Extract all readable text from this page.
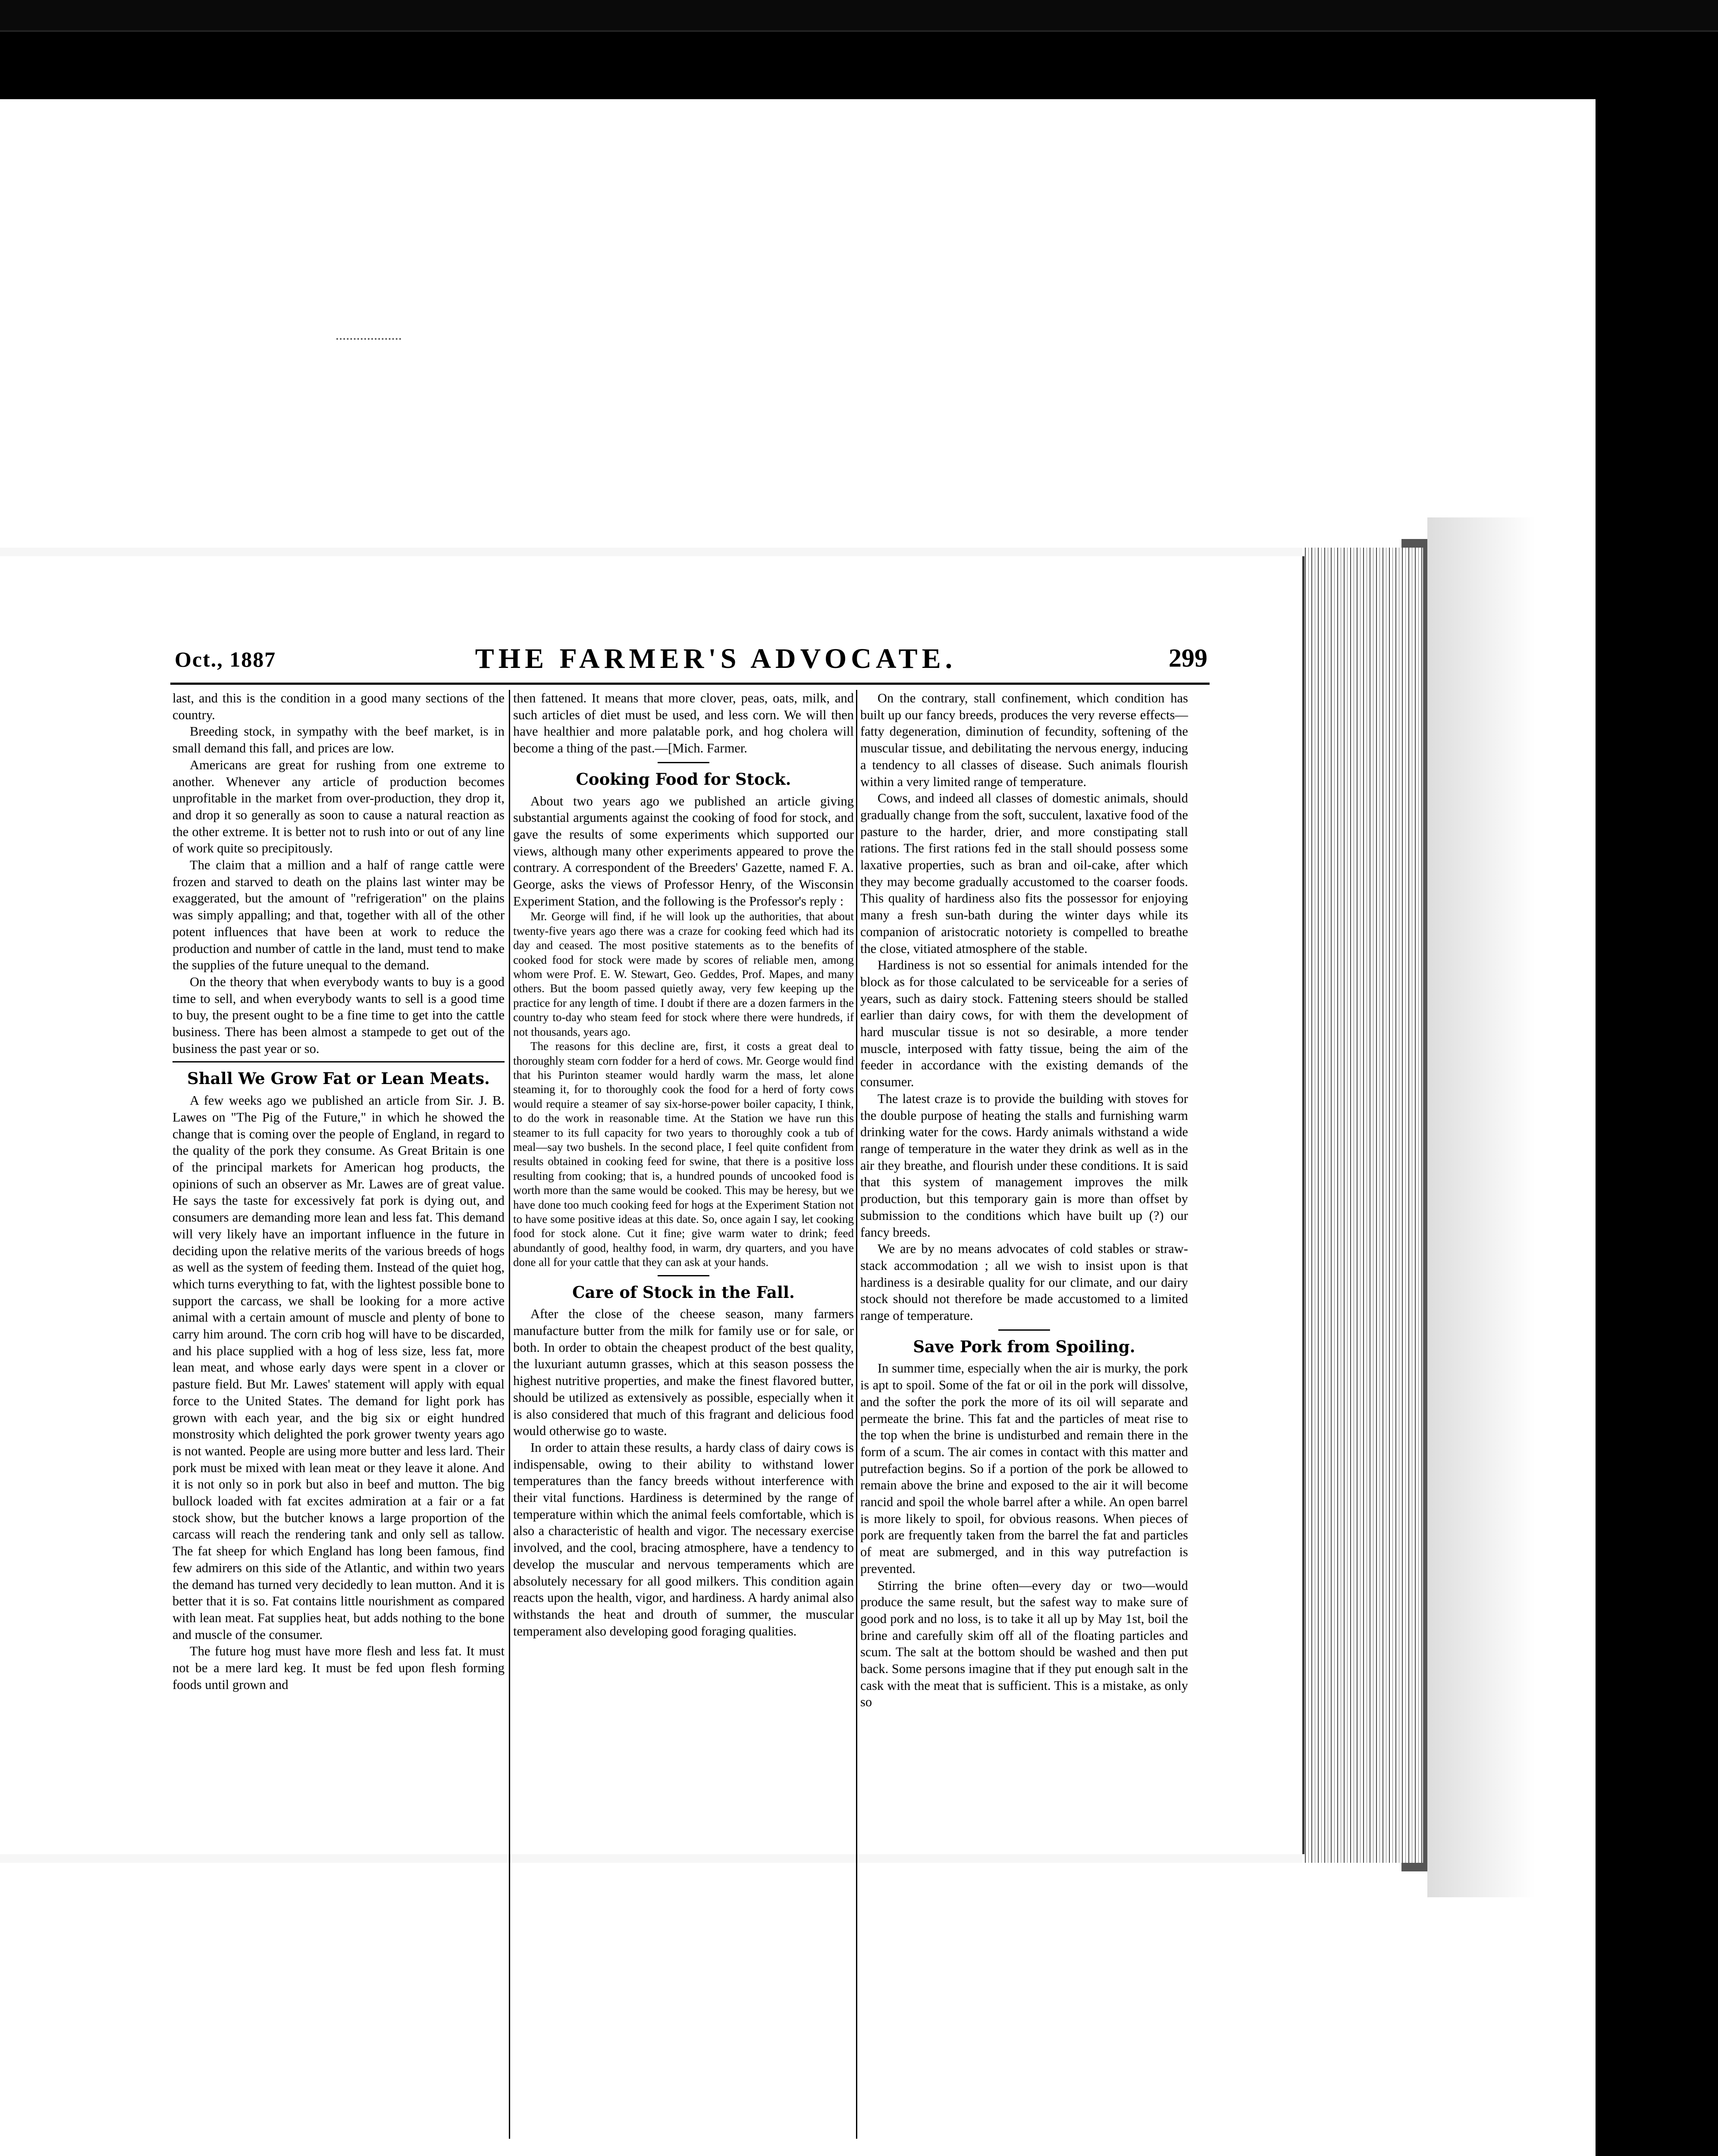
Oct., 1887	THE FARMER'S ADVOCATE.	299

last, and this is the condition in a good many sections of the country.

Breeding stock, in sympathy with the beef market, is in small demand this fall, and prices are low.

Americans are great for rushing from one extreme to another. Whenever any article of production becomes unprofitable in the market from over-production, they drop it, and drop it so generally as soon to cause a natural reaction as the other extreme. It is better not to rush into or out of any line of work quite so precipitously.

The claim that a million and a half of range cattle were frozen and starved to death on the plains last winter may be exaggerated, but the amount of "refrigeration" on the plains was simply appalling; and that, together with all of the other potent influences that have been at work to reduce the production and number of cattle in the land, must tend to make the supplies of the future unequal to the demand.

On the theory that when everybody wants to buy is a good time to sell, and when everybody wants to sell is a good time to buy, the present ought to be a fine time to get into the cattle business. There has been almost a stampede to get out of the business the past year or so.

Shall We Grow Fat or Lean Meats.

A few weeks ago we published an article from Sir. J. B. Lawes on "The Pig of the Future," in which he showed the change that is coming over the people of England, in regard to the quality of the pork they consume. As Great Britain is one of the principal markets for American hog products, the opinions of such an observer as Mr. Lawes are of great value. He says the taste for excessively fat pork is dying out, and consumers are demanding more lean and less fat. This demand will very likely have an important influence in the future in deciding upon the relative merits of the various breeds of hogs as well as the system of feeding them. Instead of the quiet hog, which turns everything to fat, with the lightest possible bone to support the carcass, we shall be looking for a more active animal with a certain amount of muscle and plenty of bone to carry him around. The corn crib hog will have to be discarded, and his place supplied with a hog of less size, less fat, more lean meat, and whose early days were spent in a clover or pasture field. But Mr. Lawes' statement will apply with equal force to the United States. The demand for light pork has grown with each year, and the big six or eight hundred monstrosity which delighted the pork grower twenty years ago is not wanted. People are using more butter and less lard. Their pork must be mixed with lean meat or they leave it alone. And it is not only so in pork but also in beef and mutton. The big bullock loaded with fat excites admiration at a fair or a fat stock show, but the butcher knows a large proportion of the carcass will reach the rendering tank and only sell as tallow. The fat sheep for which England has long been famous, find few admirers on this side of the Atlantic, and within two years the demand has turned very decidedly to lean mutton. And it is better that it is so. Fat contains little nourishment as compared with lean meat. Fat supplies heat, but adds nothing to the bone and muscle of the consumer.

The future hog must have more flesh and less fat. It must not be a mere lard keg. It must be fed upon flesh forming foods until grown and

then fattened. It means that more clover, peas, oats, milk, and such articles of diet must be used, and less corn. We will then have healthier and more palatable pork, and hog cholera will become a thing of the past.—[Mich. Farmer.

Cooking Food for Stock.

About two years ago we published an article giving substantial arguments against the cooking of food for stock, and gave the results of some experiments which supported our views, although many other experiments appeared to prove the contrary. A correspondent of the Breeders' Gazette, named F. A. George, asks the views of Professor Henry, of the Wisconsin Experiment Station, and the following is the Professor's reply :

Mr. George will find, if he will look up the authorities, that about twenty-five years ago there was a craze for cooking feed which had its day and ceased. The most positive statements as to the benefits of cooked food for stock were made by scores of reliable men, among whom were Prof. E. W. Stewart, Geo. Geddes, Prof. Mapes, and many others. But the boom passed quietly away, very few keeping up the practice for any length of time. I doubt if there are a dozen farmers in the country to-day who steam feed for stock where there were hundreds, if not thousands, years ago.

The reasons for this decline are, first, it costs a great deal to thoroughly steam corn fodder for a herd of cows. Mr. George would find that his Purinton steamer would hardly warm the mass, let alone steaming it, for to thoroughly cook the food for a herd of forty cows would require a steamer of say six-horse-power boiler capacity, I think, to do the work in reasonable time. At the Station we have run this steamer to its full capacity for two years to thoroughly cook a tub of meal—say two bushels. In the second place, I feel quite confident from results obtained in cooking feed for swine, that there is a positive loss resulting from cooking; that is, a hundred pounds of uncooked food is worth more than the same would be cooked. This may be heresy, but we have done too much cooking feed for hogs at the Experiment Station not to have some positive ideas at this date. So, once again I say, let cooking food for stock alone. Cut it fine; give warm water to drink; feed abundantly of good, healthy food, in warm, dry quarters, and you have done all for your cattle that they can ask at your hands.

Care of Stock in the Fall.

After the close of the cheese season, many farmers manufacture butter from the milk for family use or for sale, or both. In order to obtain the cheapest product of the best quality, the luxuriant autumn grasses, which at this season possess the highest nutritive properties, and make the finest flavored butter, should be utilized as extensively as possible, especially when it is also considered that much of this fragrant and delicious food would otherwise go to waste.

In order to attain these results, a hardy class of dairy cows is indispensable, owing to their ability to withstand lower temperatures than the fancy breeds without interference with their vital functions. Hardiness is determined by the range of temperature within which the animal feels comfortable, which is also a characteristic of health and vigor. The necessary exercise involved, and the cool, bracing atmosphere, have a tendency to develop the muscular and nervous temperaments which are absolutely necessary for all good milkers. This condition again reacts upon the health, vigor, and hardiness. A hardy animal also withstands the heat and drouth of summer, the muscular temperament also developing good foraging qualities.

On the contrary, stall confinement, which condition has built up our fancy breeds, produces the very reverse effects—fatty degeneration, diminution of fecundity, softening of the muscular tissue, and debilitating the nervous energy, inducing a tendency to all classes of disease. Such animals flourish within a very limited range of temperature.

Cows, and indeed all classes of domestic animals, should gradually change from the soft, succulent, laxative food of the pasture to the harder, drier, and more constipating stall rations. The first rations fed in the stall should possess some laxative properties, such as bran and oil-cake, after which they may become gradually accustomed to the coarser foods. This quality of hardiness also fits the possessor for enjoying many a fresh sun-bath during the winter days while its companion of aristocratic notoriety is compelled to breathe the close, vitiated atmosphere of the stable.

Hardiness is not so essential for animals intended for the block as for those calculated to be serviceable for a series of years, such as dairy stock. Fattening steers should be stalled earlier than dairy cows, for with them the development of hard muscular tissue is not so desirable, a more tender muscle, interposed with fatty tissue, being the aim of the feeder in accordance with the existing demands of the consumer.

The latest craze is to provide the building with stoves for the double purpose of heating the stalls and furnishing warm drinking water for the cows. Hardy animals withstand a wide range of temperature in the water they drink as well as in the air they breathe, and flourish under these conditions. It is said that this system of management improves the milk production, but this temporary gain is more than offset by submission to the conditions which have built up (?) our fancy breeds.

We are by no means advocates of cold stables or straw-stack accommodation ; all we wish to insist upon is that hardiness is a desirable quality for our climate, and our dairy stock should not therefore be made accustomed to a limited range of temperature.

Save Pork from Spoiling.

In summer time, especially when the air is murky, the pork is apt to spoil. Some of the fat or oil in the pork will dissolve, and the softer the pork the more of its oil will separate and permeate the brine. This fat and the particles of meat rise to the top when the brine is undisturbed and remain there in the form of a scum. The air comes in contact with this matter and putrefaction begins. So if a portion of the pork be allowed to remain above the brine and exposed to the air it will become rancid and spoil the whole barrel after a while. An open barrel is more likely to spoil, for obvious reasons. When pieces of pork are frequently taken from the barrel the fat and particles of meat are submerged, and in this way putrefaction is prevented.

Stirring the brine often—every day or two—would produce the same result, but the safest way to make sure of good pork and no loss, is to take it all up by May 1st, boil the brine and carefully skim off all of the floating particles and scum. The salt at the bottom should be washed and then put back. Some persons imagine that if they put enough salt in the cask with the meat that is sufficient. This is a mistake, as only so
